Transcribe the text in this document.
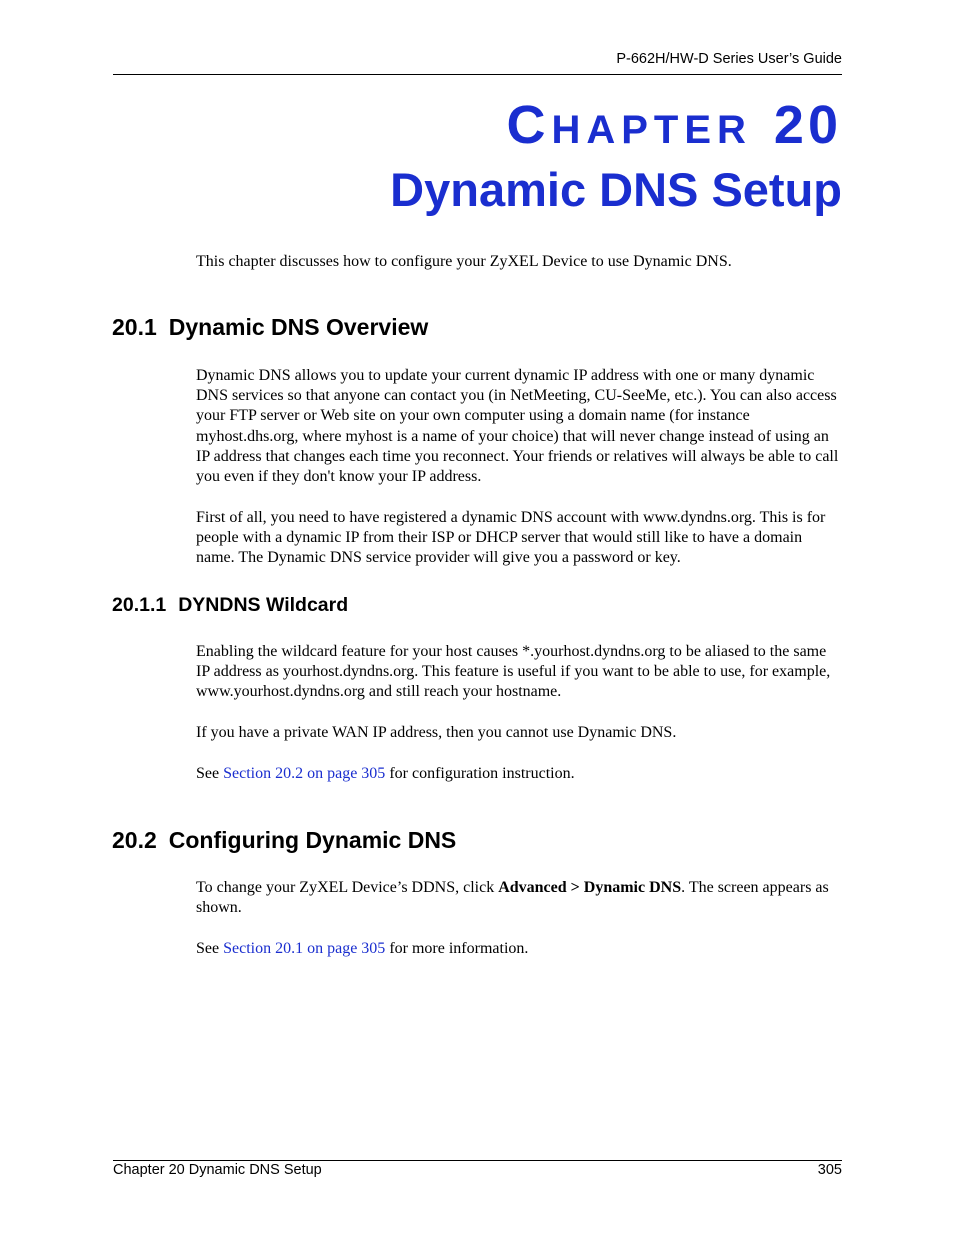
P-662H/HW-D Series User’s Guide
CHAPTER 20
Dynamic DNS Setup

This chapter discusses how to configure your ZyXEL Device to use Dynamic DNS.

20.1 Dynamic DNS Overview

Dynamic DNS allows you to update your current dynamic IP address with one or many dynamic DNS services so that anyone can contact you (in NetMeeting, CU-SeeMe, etc.). You can also access your FTP server or Web site on your own computer using a domain name (for instance myhost.dhs.org, where myhost is a name of your choice) that will never change instead of using an IP address that changes each time you reconnect. Your friends or relatives will always be able to call you even if they don't know your IP address.

First of all, you need to have registered a dynamic DNS account with www.dyndns.org. This is for people with a dynamic IP from their ISP or DHCP server that would still like to have a domain name. The Dynamic DNS service provider will give you a password or key.

20.1.1 DYNDNS Wildcard

Enabling the wildcard feature for your host causes *.yourhost.dyndns.org to be aliased to the same IP address as yourhost.dyndns.org. This feature is useful if you want to be able to use, for example, www.yourhost.dyndns.org and still reach your hostname.

If you have a private WAN IP address, then you cannot use Dynamic DNS.

See Section 20.2 on page 305 for configuration instruction.

20.2 Configuring Dynamic DNS

To change your ZyXEL Device’s DDNS, click Advanced > Dynamic DNS. The screen appears as shown.

See Section 20.1 on page 305 for more information.

Chapter 20 Dynamic DNS Setup	305
